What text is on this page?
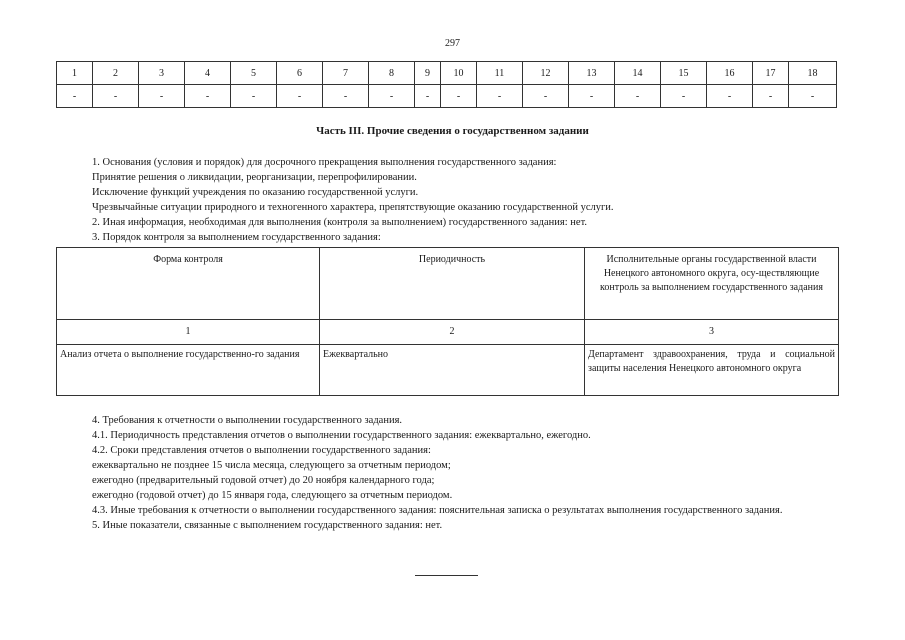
297
1	2	3	4	5	6	7	8	9	10	11	12	13	14	15	16	17	18
-	-	-	-	-	-	-	-	-	-	-	-	-	-	-	-	-	-
Часть III. Прочие сведения о государственном задании

1. Основания (условия и порядок) для досрочного прекращения выполнения государственного задания:

Принятие решения о ликвидации, реорганизации, перепрофилировании.

Исключение функций учреждения по оказанию государственной услуги.

Чрезвычайные ситуации природного и техногенного характера, препятствующие оказанию государственной услуги.

2. Иная информация, необходимая для выполнения (контроля за выполнением) государственного задания: нет.

3. Порядок контроля за выполнением государственного задания:

Форма контроля	Периодичность	Исполнительные органы государственной власти Ненецкого автономного округа, осу-ществляющие контроль за выполнением государственного задания
1	2	3
Анализ отчета о выполнение государственно-го задания	Ежеквартально	Департамент здравоохранения, труда и социальной защиты населения Ненецкого автономного округа

4. Требования к отчетности о выполнении государственного задания.

4.1. Периодичность представления отчетов о выполнении государственного задания: ежеквартально, ежегодно.

4.2. Сроки представления отчетов о выполнении государственного задания:

ежеквартально не позднее 15 числа месяца, следующего за отчетным периодом;

ежегодно (предварительный годовой отчет) до 20 ноября календарного года;

ежегодно (годовой отчет) до 15 января года, следующего за отчетным периодом.

4.3. Иные требования к отчетности о выполнении государственного задания: пояснительная записка о результатах выполнения государственного задания.

5. Иные показатели, связанные с выполнением государственного задания: нет.
